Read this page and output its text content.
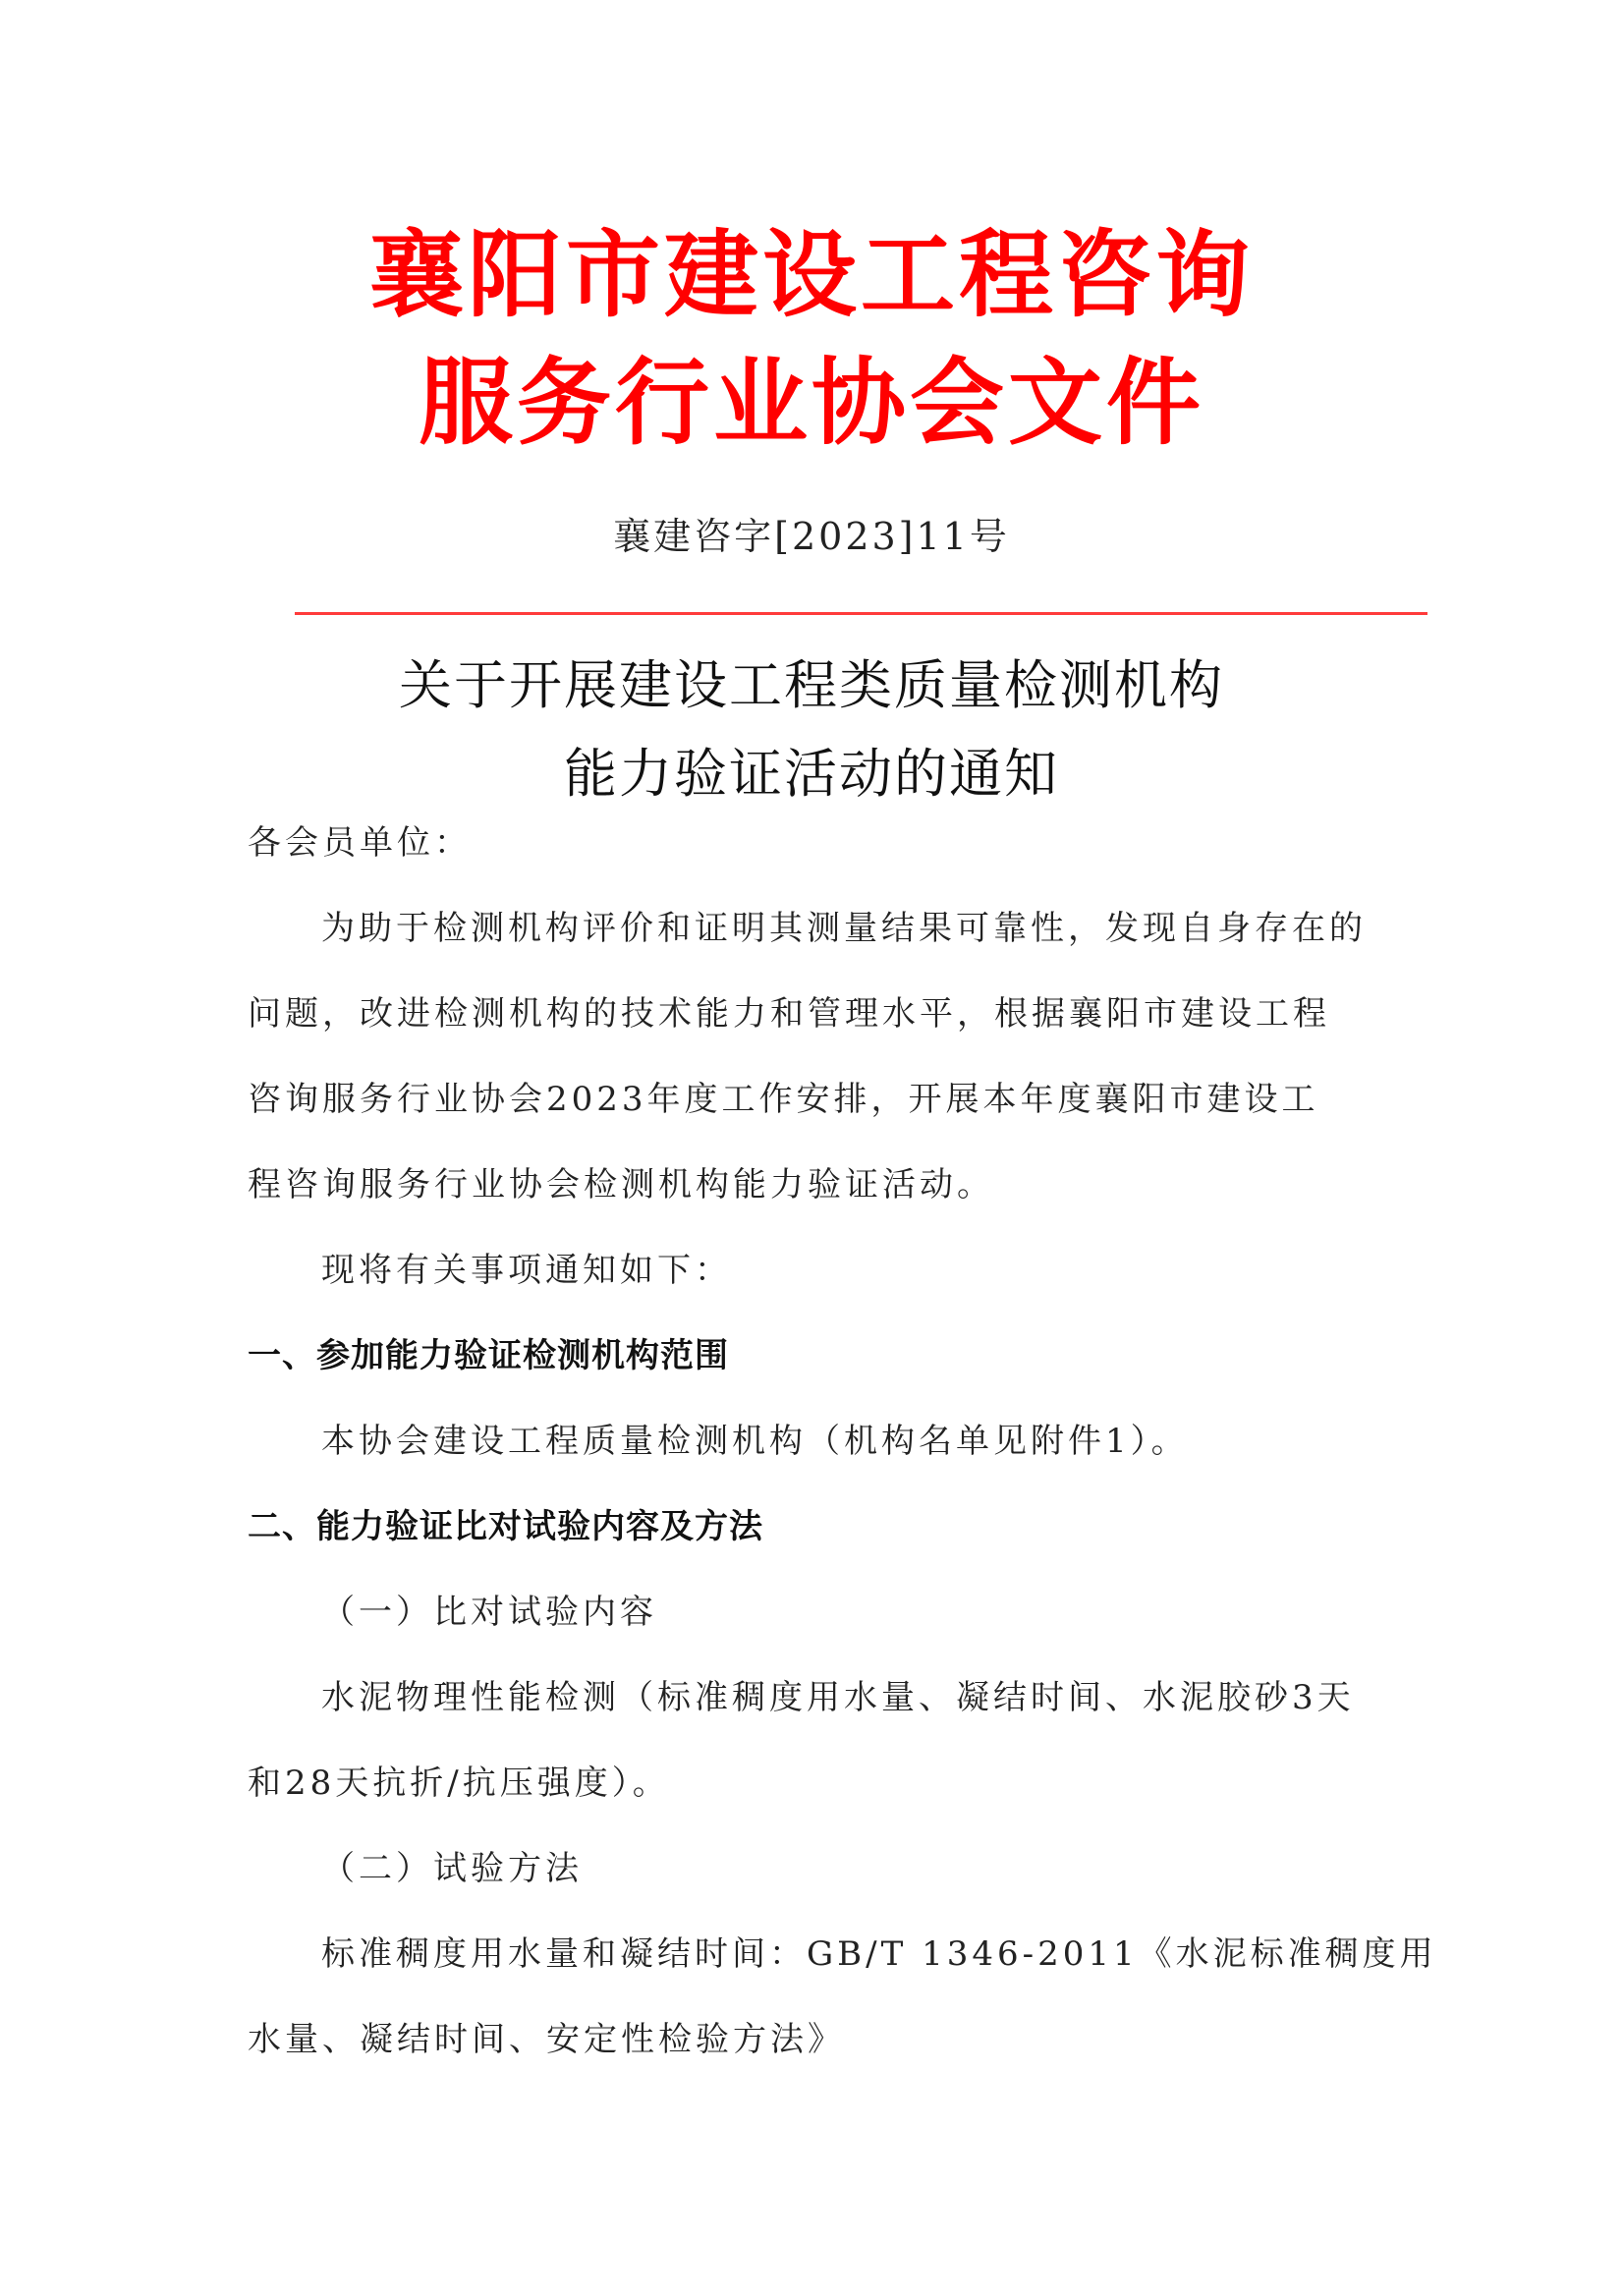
襄阳市建设工程咨询
服务行业协会文件
襄建咨字[2023]11号
关于开展建设工程类质量检测机构
能力验证活动的通知
各会员单位：
为助于检测机构评价和证明其测量结果可靠性，发现自身存在的
问题，改进检测机构的技术能力和管理水平，根据襄阳市建设工程
咨询服务行业协会2023年度工作安排，开展本年度襄阳市建设工
程咨询服务行业协会检测机构能力验证活动。
现将有关事项通知如下：
一、参加能力验证检测机构范围
本协会建设工程质量检测机构（机构名单见附件1）。
二、能力验证比对试验内容及方法
（一）比对试验内容
水泥物理性能检测（标准稠度用水量、凝结时间、水泥胶砂3天
和28天抗折/抗压强度）。
（二）试验方法
标准稠度用水量和凝结时间：GB/T 1346-2011《水泥标准稠度用
水量、凝结时间、安定性检验方法》
